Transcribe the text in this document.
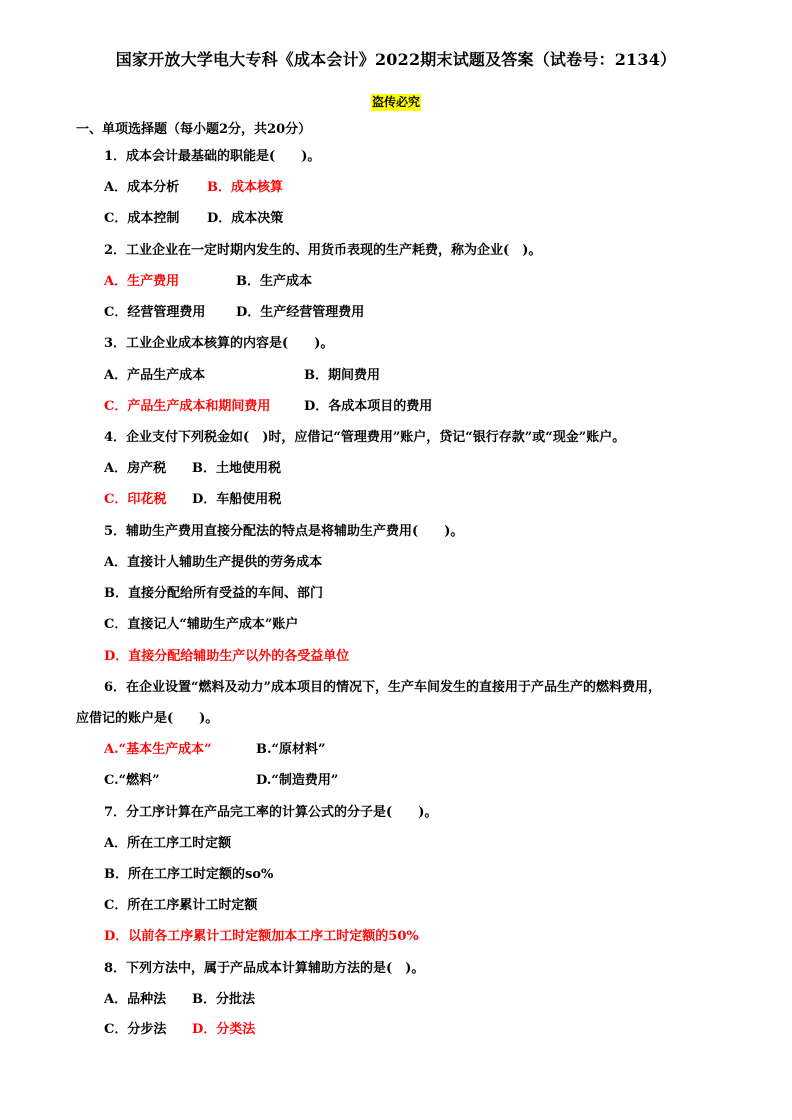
国家开放大学电大专科《成本会计》2022期末试题及答案（试卷号：2134）
盗传必究
一、单项选择题（每小题2分，共20分）
1．成本会计最基础的职能是(　　)。
A．成本分析 B．成本核算
C．成本控制 D．成本决策
2．工业企业在一定时期内发生的、用货币表现的生产耗费，称为企业(　)。
A．生产费用	B．生产成本
C．经营管理费用 D．生产经营管理费用
3．工业企业成本核算的内容是(　　)。
A．产品生产成本	B．期间费用
C．产品生产成本和期间费用	D．各成本项目的费用
4．企业支付下列税金如(　)时，应借记“管理费用”账户，贷记“银行存款”或“现金”账户。
A．房产税 B．土地使用税
C．印花税 D．车船使用税
5．辅助生产费用直接分配法的特点是将辅助生产费用(　　)。
A．直接计人辅助生产提供的劳务成本
B．直接分配给所有受益的车间、部门
C．直接记人“辅助生产成本”账户
D．直接分配给辅助生产以外的各受益单位
6．在企业设置“燃料及动力”成本项目的情况下，生产车间发生的直接用于产品生产的燃料费用，
应借记的账户是(　　)。
A.“基本生产成本”	B.“原材料”
C.“燃料”	D.“制造费用”
7．分工序计算在产品完工率的计算公式的分子是(　　)。
A．所在工序工时定额
B．所在工序工时定额的so%
C．所在工序累计工时定额
D．以前各工序累计工时定额加本工序工时定额的50%
8．下列方法中，属于产品成本计算辅助方法的是(　)。
A．品种法 B．分批法
C．分步法 D．分类法
